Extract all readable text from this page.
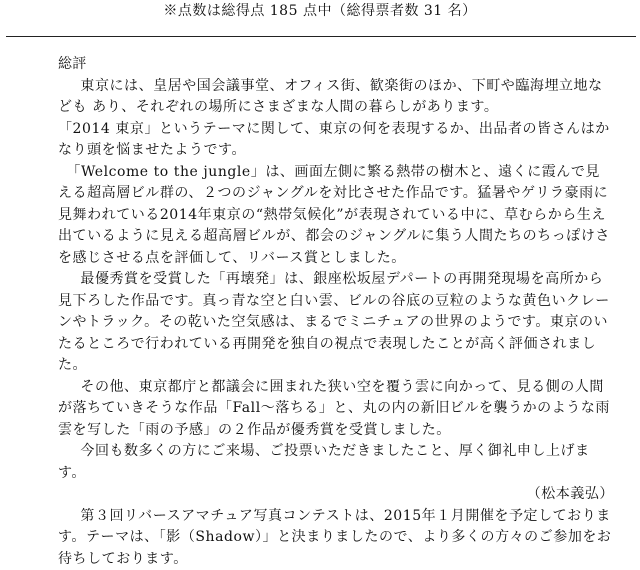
※点数は総得点 185 点中（総得票者数 31 名）

総評

東京には、皇居や国会議事堂、オフィス街、歓楽街のほか、下町や臨海埋立地なども あり、それぞれの場所にさまざまな人間の暮らしがあります。

「2014 東京」というテーマに関して、東京の何を表現するか、出品者の皆さんはかなり頭を悩ませたようです。

「Welcome to the jungle」は、画面左側に繁る熱帯の樹木と、遠くに霞んで見える超高層ビル群の、２つのジャングルを対比させた作品です。猛暑やゲリラ豪雨に見舞われている2014年東京の“熱帯気候化”が表現されている中に、草むらから生え出ているように見える超高層ビルが、都会のジャングルに集う人間たちのちっぽけさを感じさせる点を評価して、リバース賞としました。

最優秀賞を受賞した「再壊発」は、銀座松坂屋デパートの再開発現場を高所から見下ろした作品です。真っ青な空と白い雲、ビルの谷底の豆粒のような黄色いクレーンやトラック。その乾いた空気感は、まるでミニチュアの世界のようです。東京のいたるところで行われている再開発を独自の視点で表現したことが高く評価されました。

その他、東京都庁と都議会に囲まれた狭い空を覆う雲に向かって、見る側の人間が落ちていきそうな作品「Fall〜落ちる」と、丸の内の新旧ビルを襲うかのような雨雲を写した「雨の予感」の２作品が優秀賞を受賞しました。

今回も数多くの方にご来場、ご投票いただきましたこと、厚く御礼申し上げます。

（松本義弘）

第３回リバースアマチュア写真コンテストは、2015年１月開催を予定しております。テーマは、「影（Shadow）」と決まりましたので、より多くの方々のご参加をお待ちしております。
